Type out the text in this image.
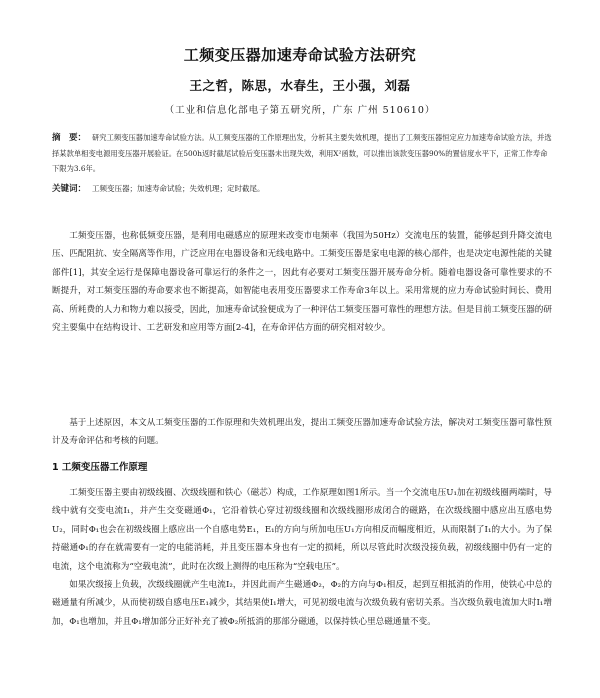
工频变压器加速寿命试验方法研究
王之哲，陈思，水春生，王小强，刘磊
（工业和信息化部电子第五研究所，广东 广州 510610）
摘　要： 研究工频变压器加速寿命试验方法。从工频变压器的工作原理出发，分析其主要失效机理，提出了工频变压器恒定应力加速寿命试验方法，并选择某款单相变电源用变压器开展验证。在500h返时截尾试验后变压器未出现失效，利用X²函数，可以推出该款变压器90%的置信度水平下，正常工作寿命下限为3.6年。
关键词： 工频变压器；加速寿命试验；失效机理；定时截尾。

工频变压器，也称低频变压器，是利用电磁感应的原理来改变市电频率（我国为50Hz）交流电压的装置，能够起到升降交流电压、匹配阻抗、安全隔离等作用，广泛应用在电器设备和无线电路中。工频变压器是家电电源的核心部件，也是决定电源性能的关键部件[1]，其安全运行是保障电器设备可靠运行的条件之一，因此有必要对工频变压器开展寿命分析。随着电器设备可靠性要求的不断提升，对工频变压器的寿命要求也不断提高，如智能电表用变压器要求工作寿命3年以上。采用常规的应力寿命试验时间长、费用高、所耗费的人力和物力难以接受，因此，加速寿命试验便成为了一种评估工频变压器可靠性的理想方法。但是目前工频变压器的研究主要集中在结构设计、工艺研发和应用等方面[2-4]，在寿命评估方面的研究相对较少。

基于上述原因，本文从工频变压器的工作原理和失效机理出发，提出工频变压器加速寿命试验方法，解决对工频变压器可靠性预计及寿命评估和考核的问题。

1 工频变压器工作原理

工频变压器主要由初级线圈、次级线圈和铁心（磁芯）构成，工作原理如图1所示。当一个交流电压U₁加在初级线圈两端时，导线中就有交变电流I₁，并产生交变磁通Φ₁，它沿着铁心穿过初级线圈和次级线圈形成闭合的磁路，在次级线圈中感应出互感电势U₂，同时Φ₁也会在初级线圈上感应出一个自感电势E₁，E₁的方向与所加电压U₁方向相反而幅度相近，从而限制了I₁的大小。为了保持磁通Φ₁的存在就需要有一定的电能消耗，并且变压器本身也有一定的损耗，所以尽管此时次级没接负载，初级线圈中仍有一定的电流，这个电流称为“空载电流”，此时在次级上测得的电压称为“空载电压”。

如果次级接上负载，次级线圈就产生电流I₂，并因此而产生磁通Φ₂，Φ₂的方向与Φ₁相反，起到互相抵消的作用，使铁心中总的磁通量有所减少，从而使初级自感电压E₁减少，其结果使I₁增大，可见初级电流与次级负载有密切关系。当次级负载电流加大时I₁增加，Φ₁也增加，并且Φ₁增加部分正好补充了被Φ₂所抵消的那部分磁通，以保持铁心里总磁通量不变。
